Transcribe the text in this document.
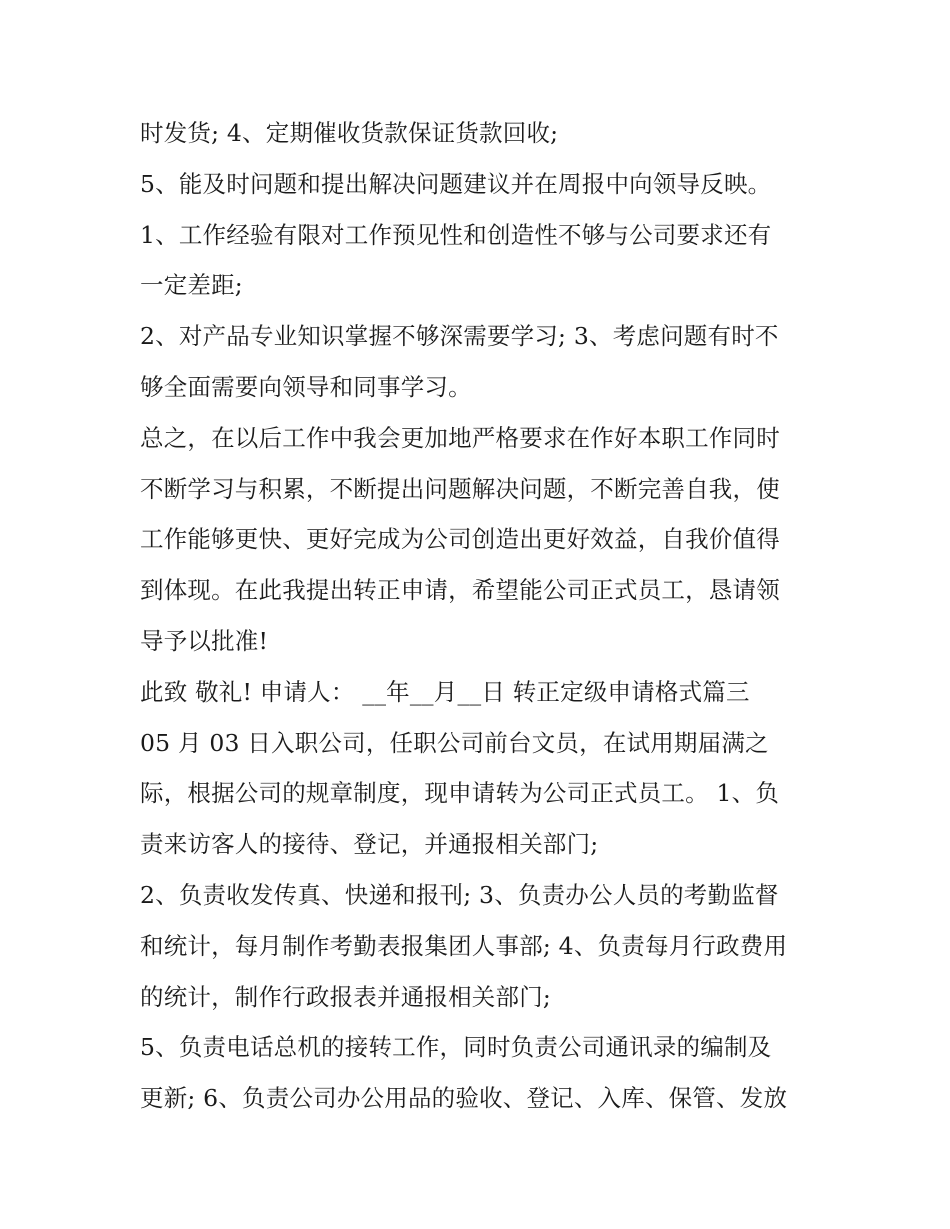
时发货; 4、定期催收货款保证货款回收;
5、能及时问题和提出解决问题建议并在周报中向领导反映。
1、工作经验有限对工作预见性和创造性不够与公司要求还有
一定差距;
2、对产品专业知识掌握不够深需要学习; 3、考虑问题有时不
够全面需要向领导和同事学习。
总之，在以后工作中我会更加地严格要求在作好本职工作同时
不断学习与积累，不断提出问题解决问题，不断完善自我，使
工作能够更快、更好完成为公司创造出更好效益，自我价值得
到体现。在此我提出转正申请，希望能公司正式员工，恳请领
导予以批准!
此致 敬礼! 申请人： __年__月__日 转正定级申请格式篇三
05 月 03 日入职公司，任职公司前台文员，在试用期届满之
际，根据公司的规章制度，现申请转为公司正式员工。 1、负
责来访客人的接待、登记，并通报相关部门;
2、负责收发传真、快递和报刊; 3、负责办公人员的考勤监督
和统计，每月制作考勤表报集团人事部; 4、负责每月行政费用
的统计，制作行政报表并通报相关部门;
5、负责电话总机的接转工作，同时负责公司通讯录的编制及
更新; 6、负责公司办公用品的验收、登记、入库、保管、发放
